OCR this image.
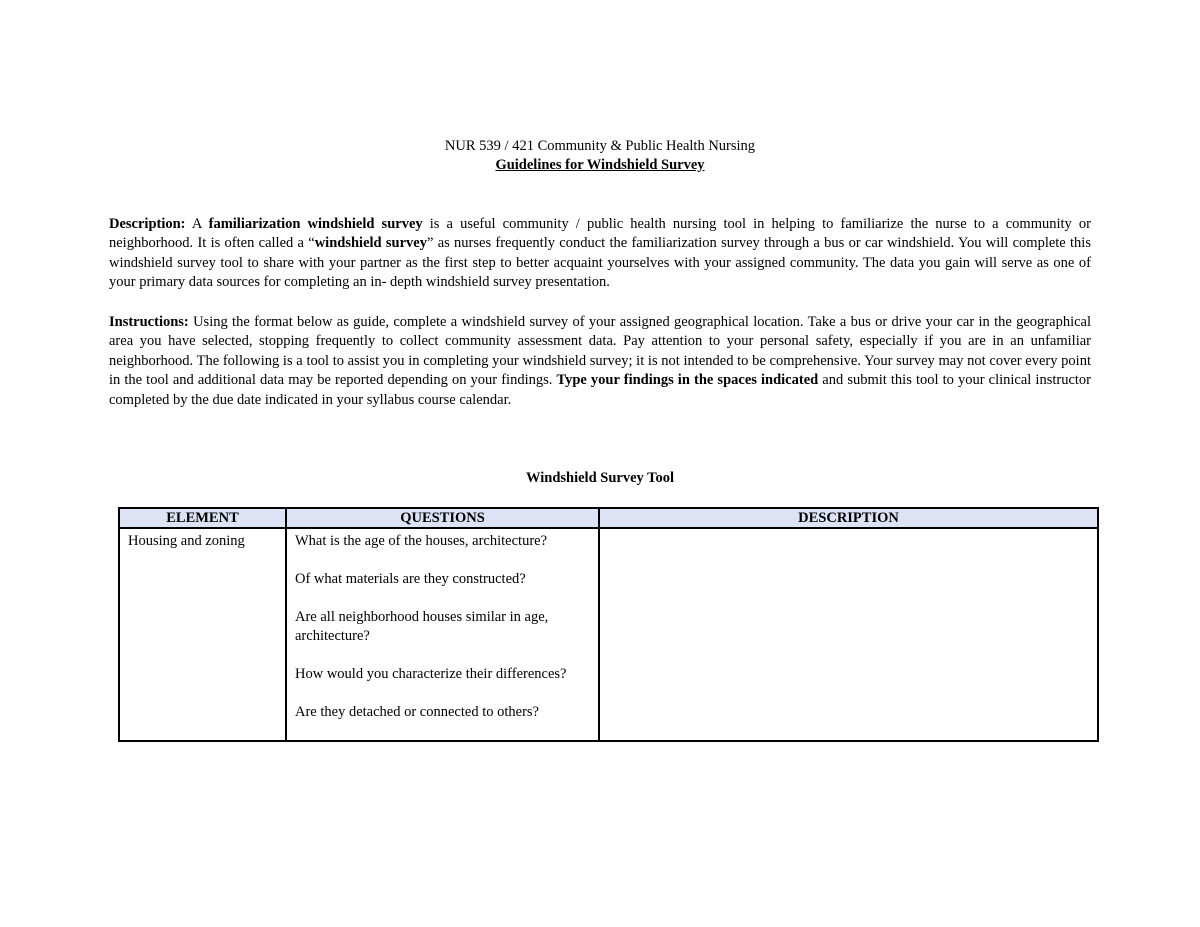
NUR 539 / 421 Community & Public Health Nursing
Guidelines for Windshield Survey

Description: A familiarization windshield survey is a useful community / public health nursing tool in helping to familiarize the nurse to a community or neighborhood. It is often called a “windshield survey” as nurses frequently conduct the familiarization survey through a bus or car windshield. You will complete this windshield survey tool to share with your partner as the first step to better acquaint yourselves with your assigned community. The data you gain will serve as one of your primary data sources for completing an in- depth windshield survey presentation.

Instructions: Using the format below as guide, complete a windshield survey of your assigned geographical location. Take a bus or drive your car in the geographical area you have selected, stopping frequently to collect community assessment data. Pay attention to your personal safety, especially if you are in an unfamiliar neighborhood. The following is a tool to assist you in completing your windshield survey; it is not intended to be comprehensive. Your survey may not cover every point in the tool and additional data may be reported depending on your findings. Type your findings in the spaces indicated and submit this tool to your clinical instructor completed by the due date indicated in your syllabus course calendar.

Windshield Survey Tool
ELEMENT	QUESTIONS	DESCRIPTION
Housing and zoning	What is the age of the houses, architecture?
Of what materials are they constructed?
Are all neighborhood houses similar in age, architecture?
How would you characterize their differences?
Are they detached or connected to others?	
